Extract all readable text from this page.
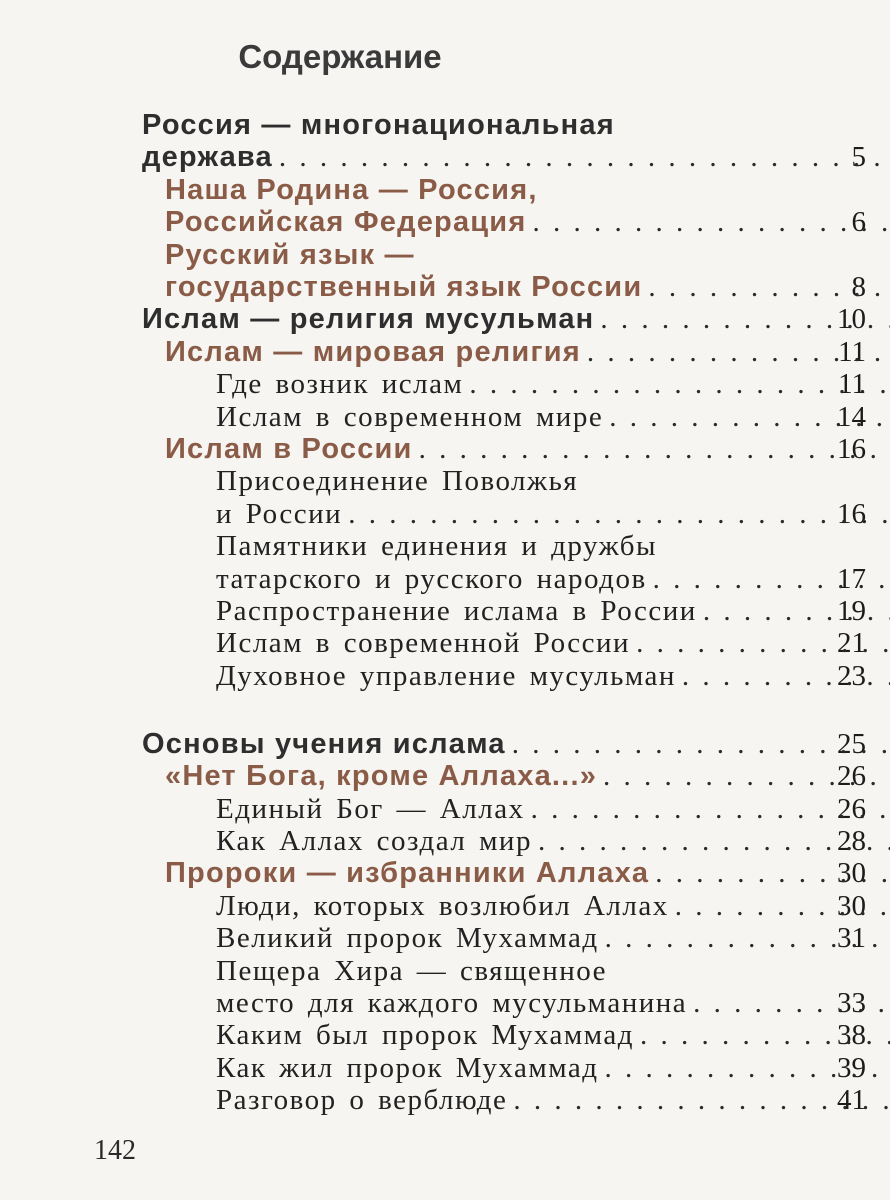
Содержание
Россия — многонациональная
5
держава
. . .
Наша Родина — Россия,
6
Российская Федерация
. . .
Русский язык —
8
государственный язык России
. . .
10
Ислам — религия мусульман
. . .
11
Ислам — мировая религия
. . .
11
Где возник ислам
. . .
14
Ислам в современном мире
. . .
16
Ислам в России
. . .
Присоединение Поволжья
16
и России
. . .
Памятники единения и дружбы
17
татарского и русского народов
. . .
19
Распространение ислама в России
. . .
21
Ислам в современной России
. . .
23
Духовное управление мусульман
. . .
25
Основы учения ислама
. . .
26
«Нет Бога, кроме Аллаха...»
. . .
26
Единый Бог — Аллах
. . .
28
Как Аллах создал мир
. . .
30
Пророки — избранники Аллаха
. . .
30
Люди, которых возлюбил Аллах
. . .
31
Великий пророк Мухаммад
. . .
Пещера Хира — священное
33
место для каждого мусульманина
. . .
38
Каким был пророк Мухаммад
. . .
39
Как жил пророк Мухаммад
. . .
41
Разговор о верблюде
. . .
142
